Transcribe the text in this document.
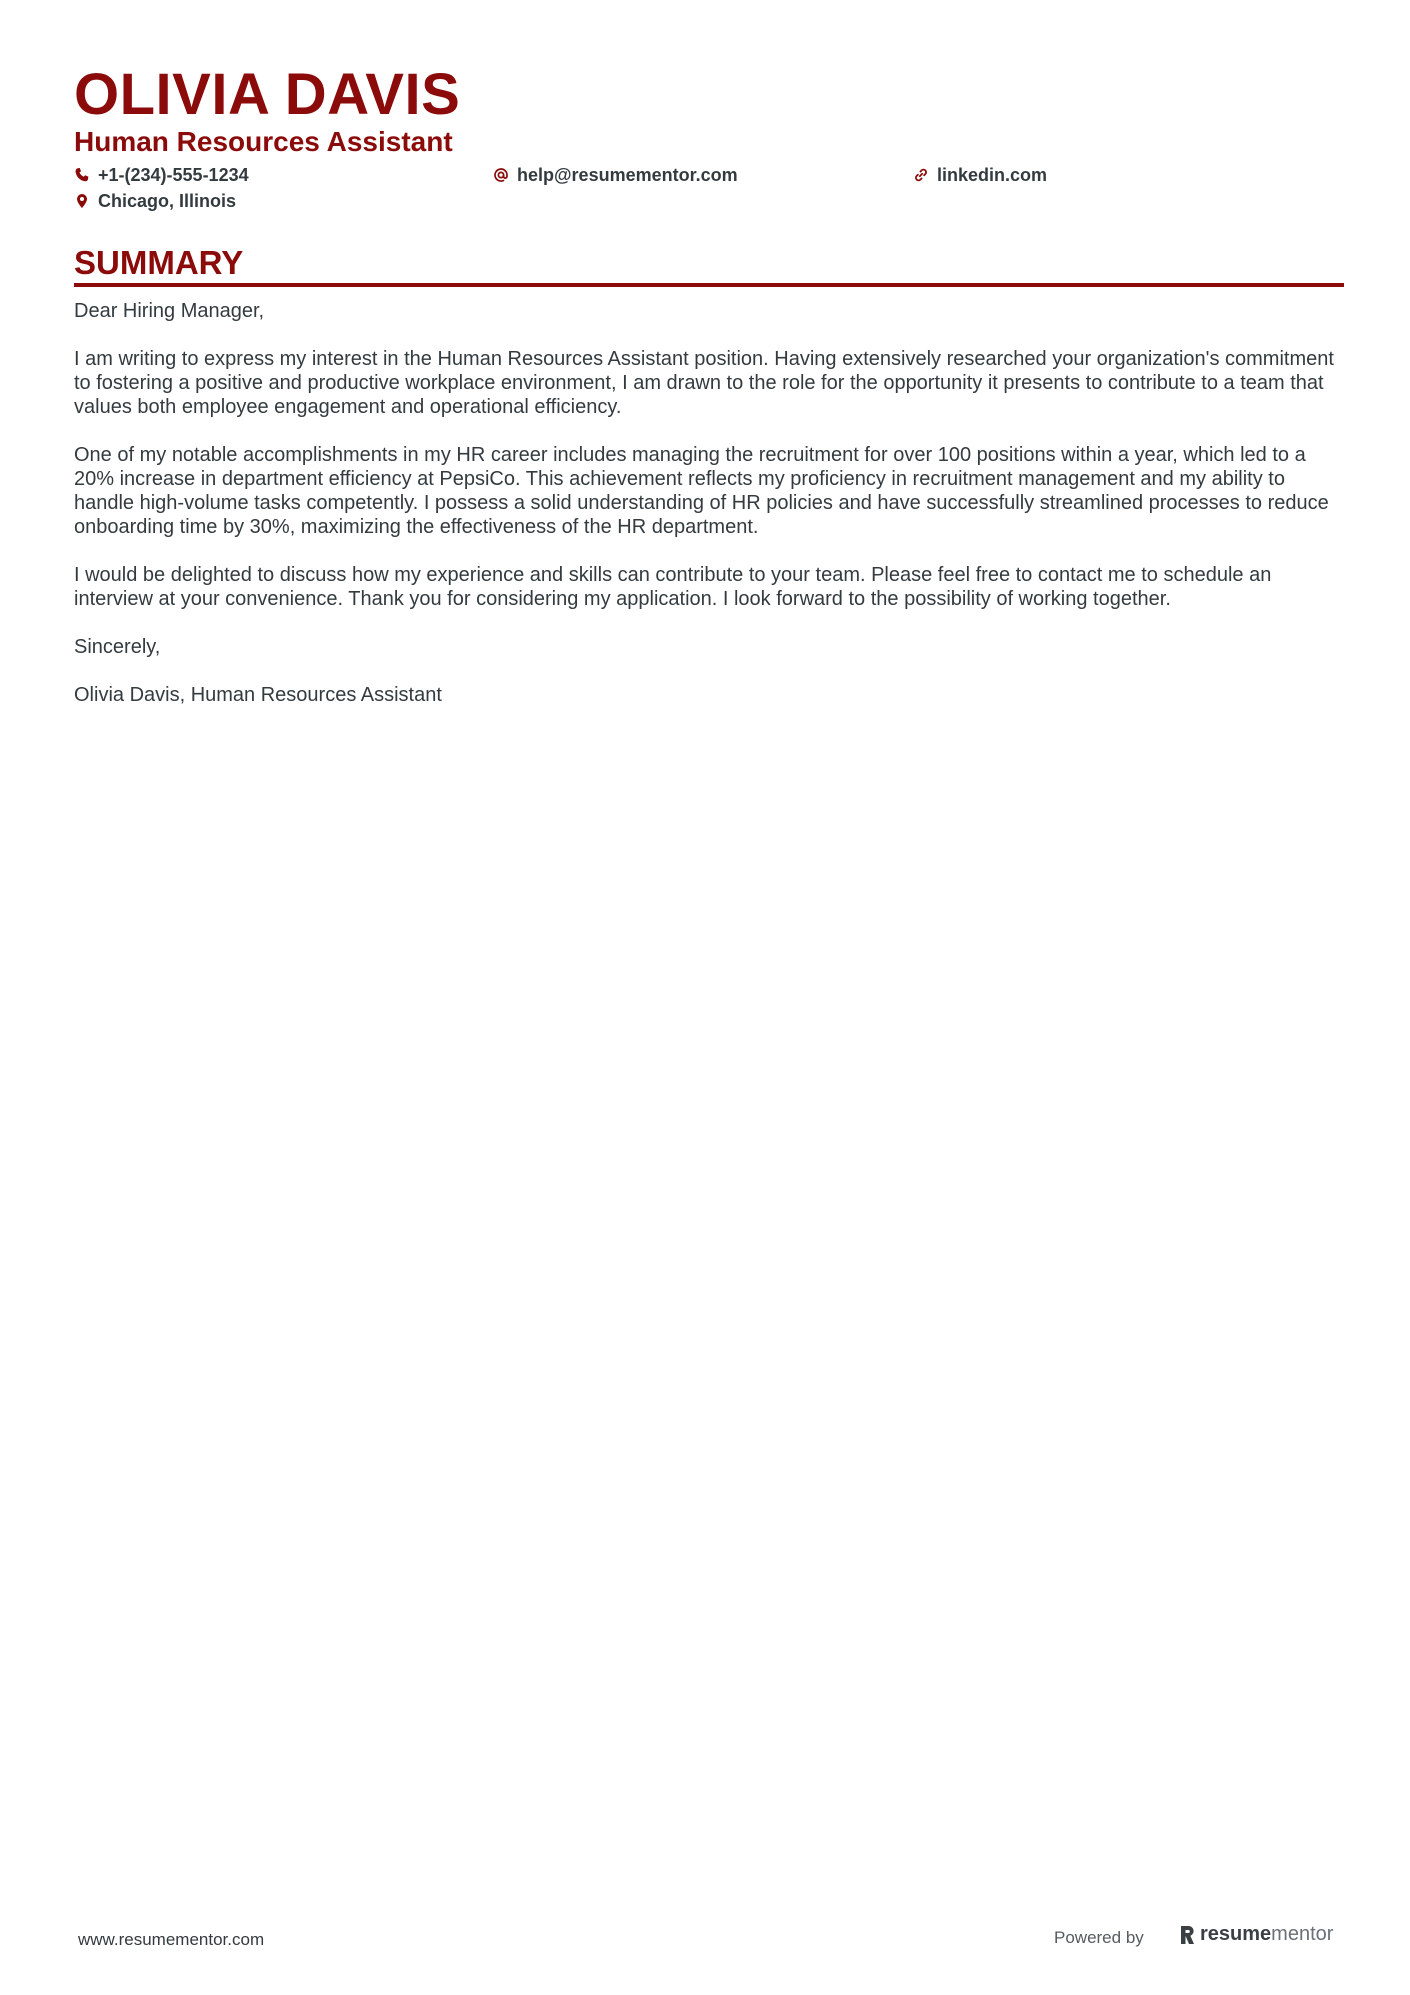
OLIVIA DAVIS
Human Resources Assistant
+1-(234)-555-1234	help@resumementor.com	linkedin.com
Chicago, Illinois
SUMMARY

Dear Hiring Manager,

I am writing to express my interest in the Human Resources Assistant position. Having extensively researched your organization's commitment to fostering a positive and productive workplace environment, I am drawn to the role for the opportunity it presents to contribute to a team that values both employee engagement and operational efficiency.

One of my notable accomplishments in my HR career includes managing the recruitment for over 100 positions within a year, which led to a 20% increase in department efficiency at PepsiCo. This achievement reflects my proficiency in recruitment management and my ability to handle high-volume tasks competently. I possess a solid understanding of HR policies and have successfully streamlined processes to reduce onboarding time by 30%, maximizing the effectiveness of the HR department.

I would be delighted to discuss how my experience and skills can contribute to your team. Please feel free to contact me to schedule an interview at your convenience. Thank you for considering my application. I look forward to the possibility of working together.

Sincerely,

Olivia Davis, Human Resources Assistant

www.resumementor.com	Powered by	resume mentor
